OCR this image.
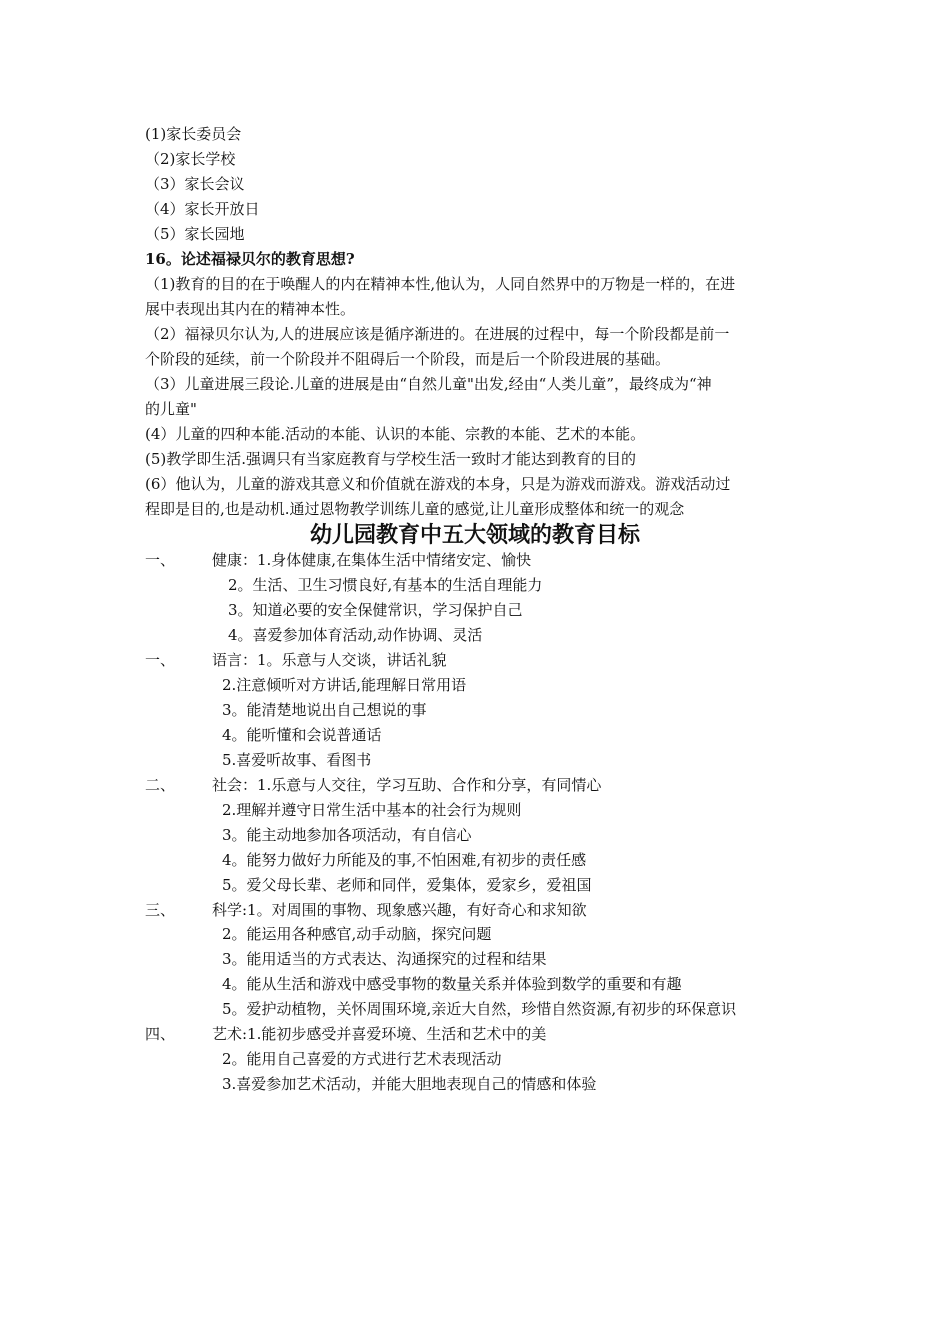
(1)家长委员会
（2)家长学校
（3）家长会议
（4）家长开放日
（5）家长园地
16。论述福禄贝尔的教育思想?
（1)教育的目的在于唤醒人的内在精神本性,他认为，人同自然界中的万物是一样的，在进
展中表现出其内在的精神本性。
（2）福禄贝尔认为,人的进展应该是循序渐进的。在进展的过程中，每一个阶段都是前一
个阶段的延续，前一个阶段并不阻碍后一个阶段，而是后一个阶段进展的基础。
（3）儿童进展三段论.儿童的进展是由“自然儿童"出发,经由“人类儿童”，最终成为“神
的儿童"
(4）儿童的四种本能.活动的本能、认识的本能、宗教的本能、艺术的本能。
(5)教学即生活.强调只有当家庭教育与学校生活一致时才能达到教育的目的
(6）他认为，儿童的游戏其意义和价值就在游戏的本身，只是为游戏而游戏。游戏活动过
程即是目的,也是动机.通过恩物教学训练儿童的感觉,让儿童形成整体和统一的观念
幼儿园教育中五大领域的教育目标
一、 健康：1.身体健康,在集体生活中情绪安定、愉快
2。生活、卫生习惯良好,有基本的生活自理能力
3。知道必要的安全保健常识，学习保护自己
4。喜爱参加体育活动,动作协调、灵活
一、 语言：1。乐意与人交谈，讲话礼貌
2.注意倾听对方讲话,能理解日常用语
3。能清楚地说出自己想说的事
4。能听懂和会说普通话
5.喜爱听故事、看图书
二、 社会：1.乐意与人交往，学习互助、合作和分享，有同情心
2.理解并遵守日常生活中基本的社会行为规则
3。能主动地参加各项活动，有自信心
4。能努力做好力所能及的事,不怕困难,有初步的责任感
5。爱父母长辈、老师和同伴，爱集体，爱家乡，爱祖国
三、 科学:1。对周围的事物、现象感兴趣，有好奇心和求知欲
2。能运用各种感官,动手动脑，探究问题
3。能用适当的方式表达、沟通探究的过程和结果
4。能从生活和游戏中感受事物的数量关系并体验到数学的重要和有趣
5。爱护动植物，关怀周围环境,亲近大自然，珍惜自然资源,有初步的环保意识
四、 艺术:1.能初步感受并喜爱环境、生活和艺术中的美
2。能用自己喜爱的方式进行艺术表现活动
3.喜爱参加艺术活动，并能大胆地表现自己的情感和体验
